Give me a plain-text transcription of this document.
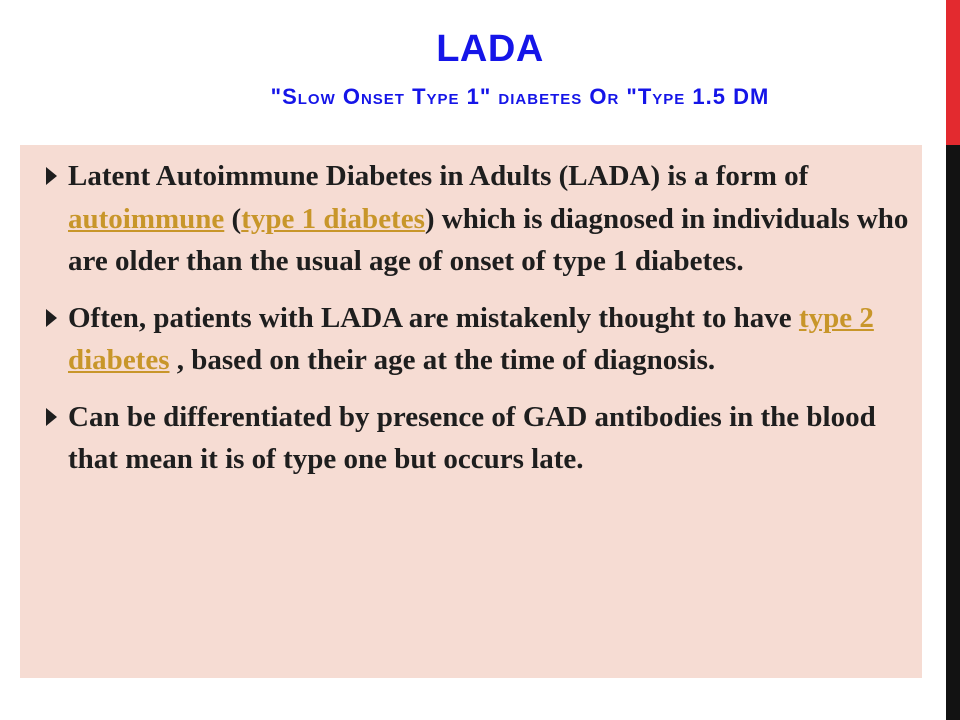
LADA
"Slow Onset Type 1" diabetes Or "Type 1.5 DM
Latent Autoimmune Diabetes in Adults (LADA) is a form of autoimmune (type 1 diabetes) which is diagnosed in individuals who are older than the usual age of onset of type 1 diabetes.
Often, patients with LADA are mistakenly thought to have type 2 diabetes , based on their age at the time of diagnosis.
Can be differentiated by presence of GAD antibodies in the blood that mean it is of type one but occurs late.
